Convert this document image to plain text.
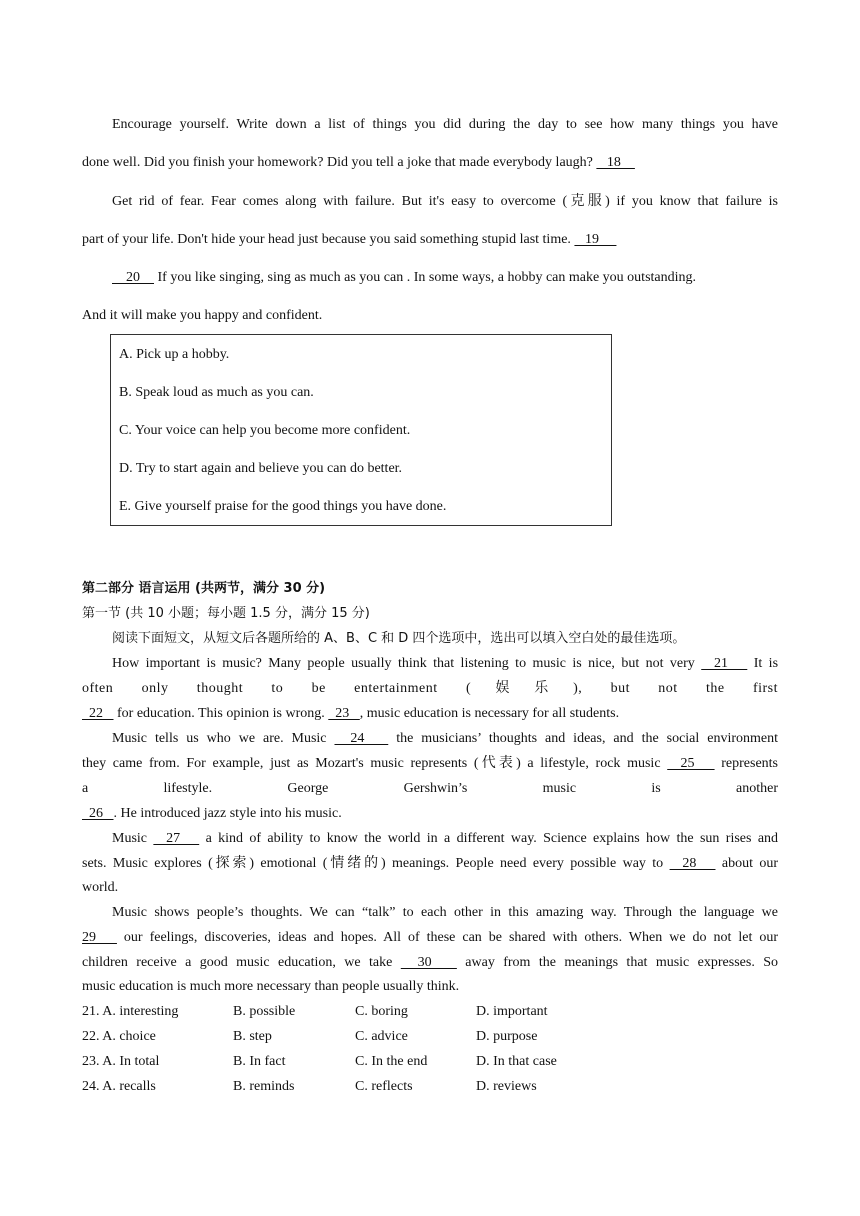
Encourage yourself. Write down a list of things you did during the day to see how many things you have
done well. Did you finish your homework? Did you tell a joke that made everybody laugh?    18
Get rid of fear. Fear comes along with failure. But it's easy to overcome (克服) if you know that failure is
part of your life. Don't hide your head just because you said something stupid last time.    19
20     If you like singing, sing as much as you can . In some ways, a hobby can make you outstanding.
And it will make you happy and confident.
A. Pick up a hobby.
B. Speak loud as much as you can.
C. Your voice can help you become more confident.
D. Try to start again and believe you can do better.
E. Give yourself praise for the good things you have done.
第二部分 语言运用 (共两节，满分 30 分)
第一节 (共 10 小题；每小题 1.5 分，满分 15 分)
阅读下面短文，从短文后各题所给的 A、B、C 和 D 四个选项中，选出可以填入空白处的最佳选项。
How important is music? Many people usually think that listening to music is nice, but not very   21    It is
often only thought to be entertainment (娱乐), but not the first
22    for education. This opinion is wrong.   23   , music education is necessary for all students.
Music tells us who we are. Music   24    the musicians’ thoughts and ideas, and the social environment
they came from. For example, just as Mozart's music represents (代表) a lifestyle, rock music   25    represents
a lifestyle. George Gershwin’s music is another
26   . He introduced jazz style into his music.
Music   27    a kind of ability to know the world in a different way. Science explains how the sun rises and
sets. Music explores (探索) emotional (情绪的) meanings. People need every possible way to   28    about our
world.
Music shows people’s thoughts. We can “talk” to each other in this amazing way. Through the language we
29    our feelings, discoveries, ideas and hopes. All of these can be shared with others. When we do not let our
children receive a good music education, we take   30    away from the meanings that music expresses. So
music education is much more necessary than people usually think.
21. A. interesting	B. possible	C. boring	D. important
22. A. choice	B. step	C. advice	D. purpose
23. A. In total	B. In fact	C. In the end	D. In that case
24. A. recalls	B. reminds	C. reflects	D. reviews
